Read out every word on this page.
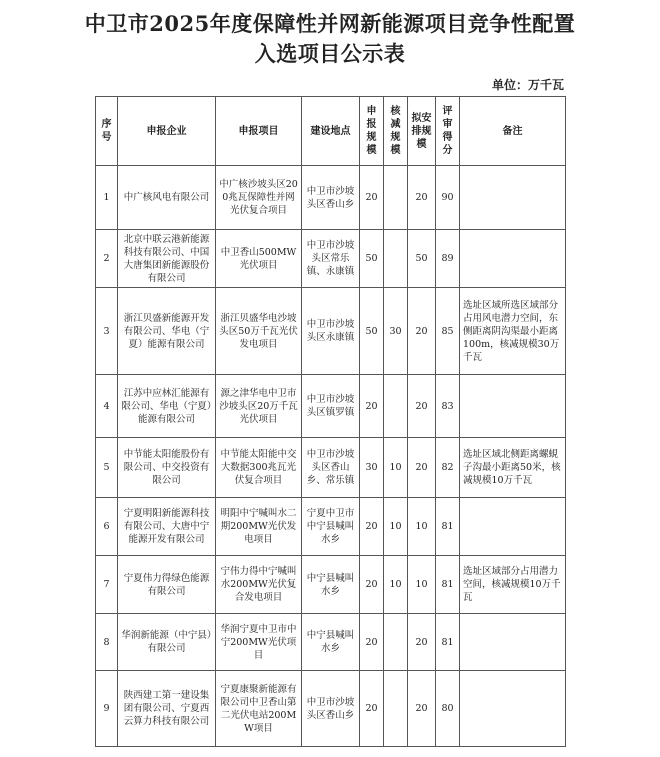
中卫市2025年度保障性并网新能源项目竞争性配置
入选项目公示表
单位：万千瓦
序号	申报企业	申报项目	建设地点	申报规模	核减规模	拟安排规模	评审得分	备注
1	中广核风电有限公司	中广核沙坡头区200兆瓦保障性并网光伏复合项目	中卫市沙坡头区香山乡	20		20	90	
2	北京中联云港新能源科技有限公司、中国大唐集团新能源股份有限公司	中卫香山500MW光伏项目	中卫市沙坡头区常乐镇、永康镇	50		50	89	
3	浙江贝盛新能源开发有限公司、华电（宁夏）能源有限公司	浙江贝盛华电沙坡头区50万千瓦光伏发电项目	中卫市沙坡头区永康镇	50	30	20	85	选址区域所选区域部分占用风电潜力空间，东侧距离阴沟渠最小距离100m，核减规模30万千瓦
4	江苏中应林汇能源有限公司、华电（宁夏）能源有限公司	源之津华电中卫市沙坡头区20万千瓦光伏项目	中卫市沙坡头区镇罗镇	20		20	83	
5	中节能太阳能股份有限公司、中交投资有限公司	中节能太阳能中交大数据300兆瓦光伏复合项目	中卫市沙坡头区香山乡、常乐镇	30	10	20	82	选址区域北侧距离螺蜆子沟最小距离50米，核减规模10万千瓦
6	宁夏明阳新能源科技有限公司、大唐中宁能源开发有限公司	明阳中宁喊叫水二期200MW光伏发电项目	宁夏中卫市中宁县喊叫水乡	20	10	10	81	
7	宁夏伟力得绿色能源有限公司	宁伟力得中宁喊叫水200MW光伏复合发电项目	中宁县喊叫水乡	20	10	10	81	选址区域部分占用潜力空间，核减规模10万千瓦
8	华润新能源（中宁县）有限公司	华润宁夏中卫市中宁200MW光伏项目	中宁县喊叫水乡	20		20	81	
9	陕西建工第一建设集团有限公司、宁夏西云算力科技有限公司	宁夏康聚新能源有限公司中卫香山第二光伏电站200MW项目	中卫市沙坡头区香山乡	20		20	80	
